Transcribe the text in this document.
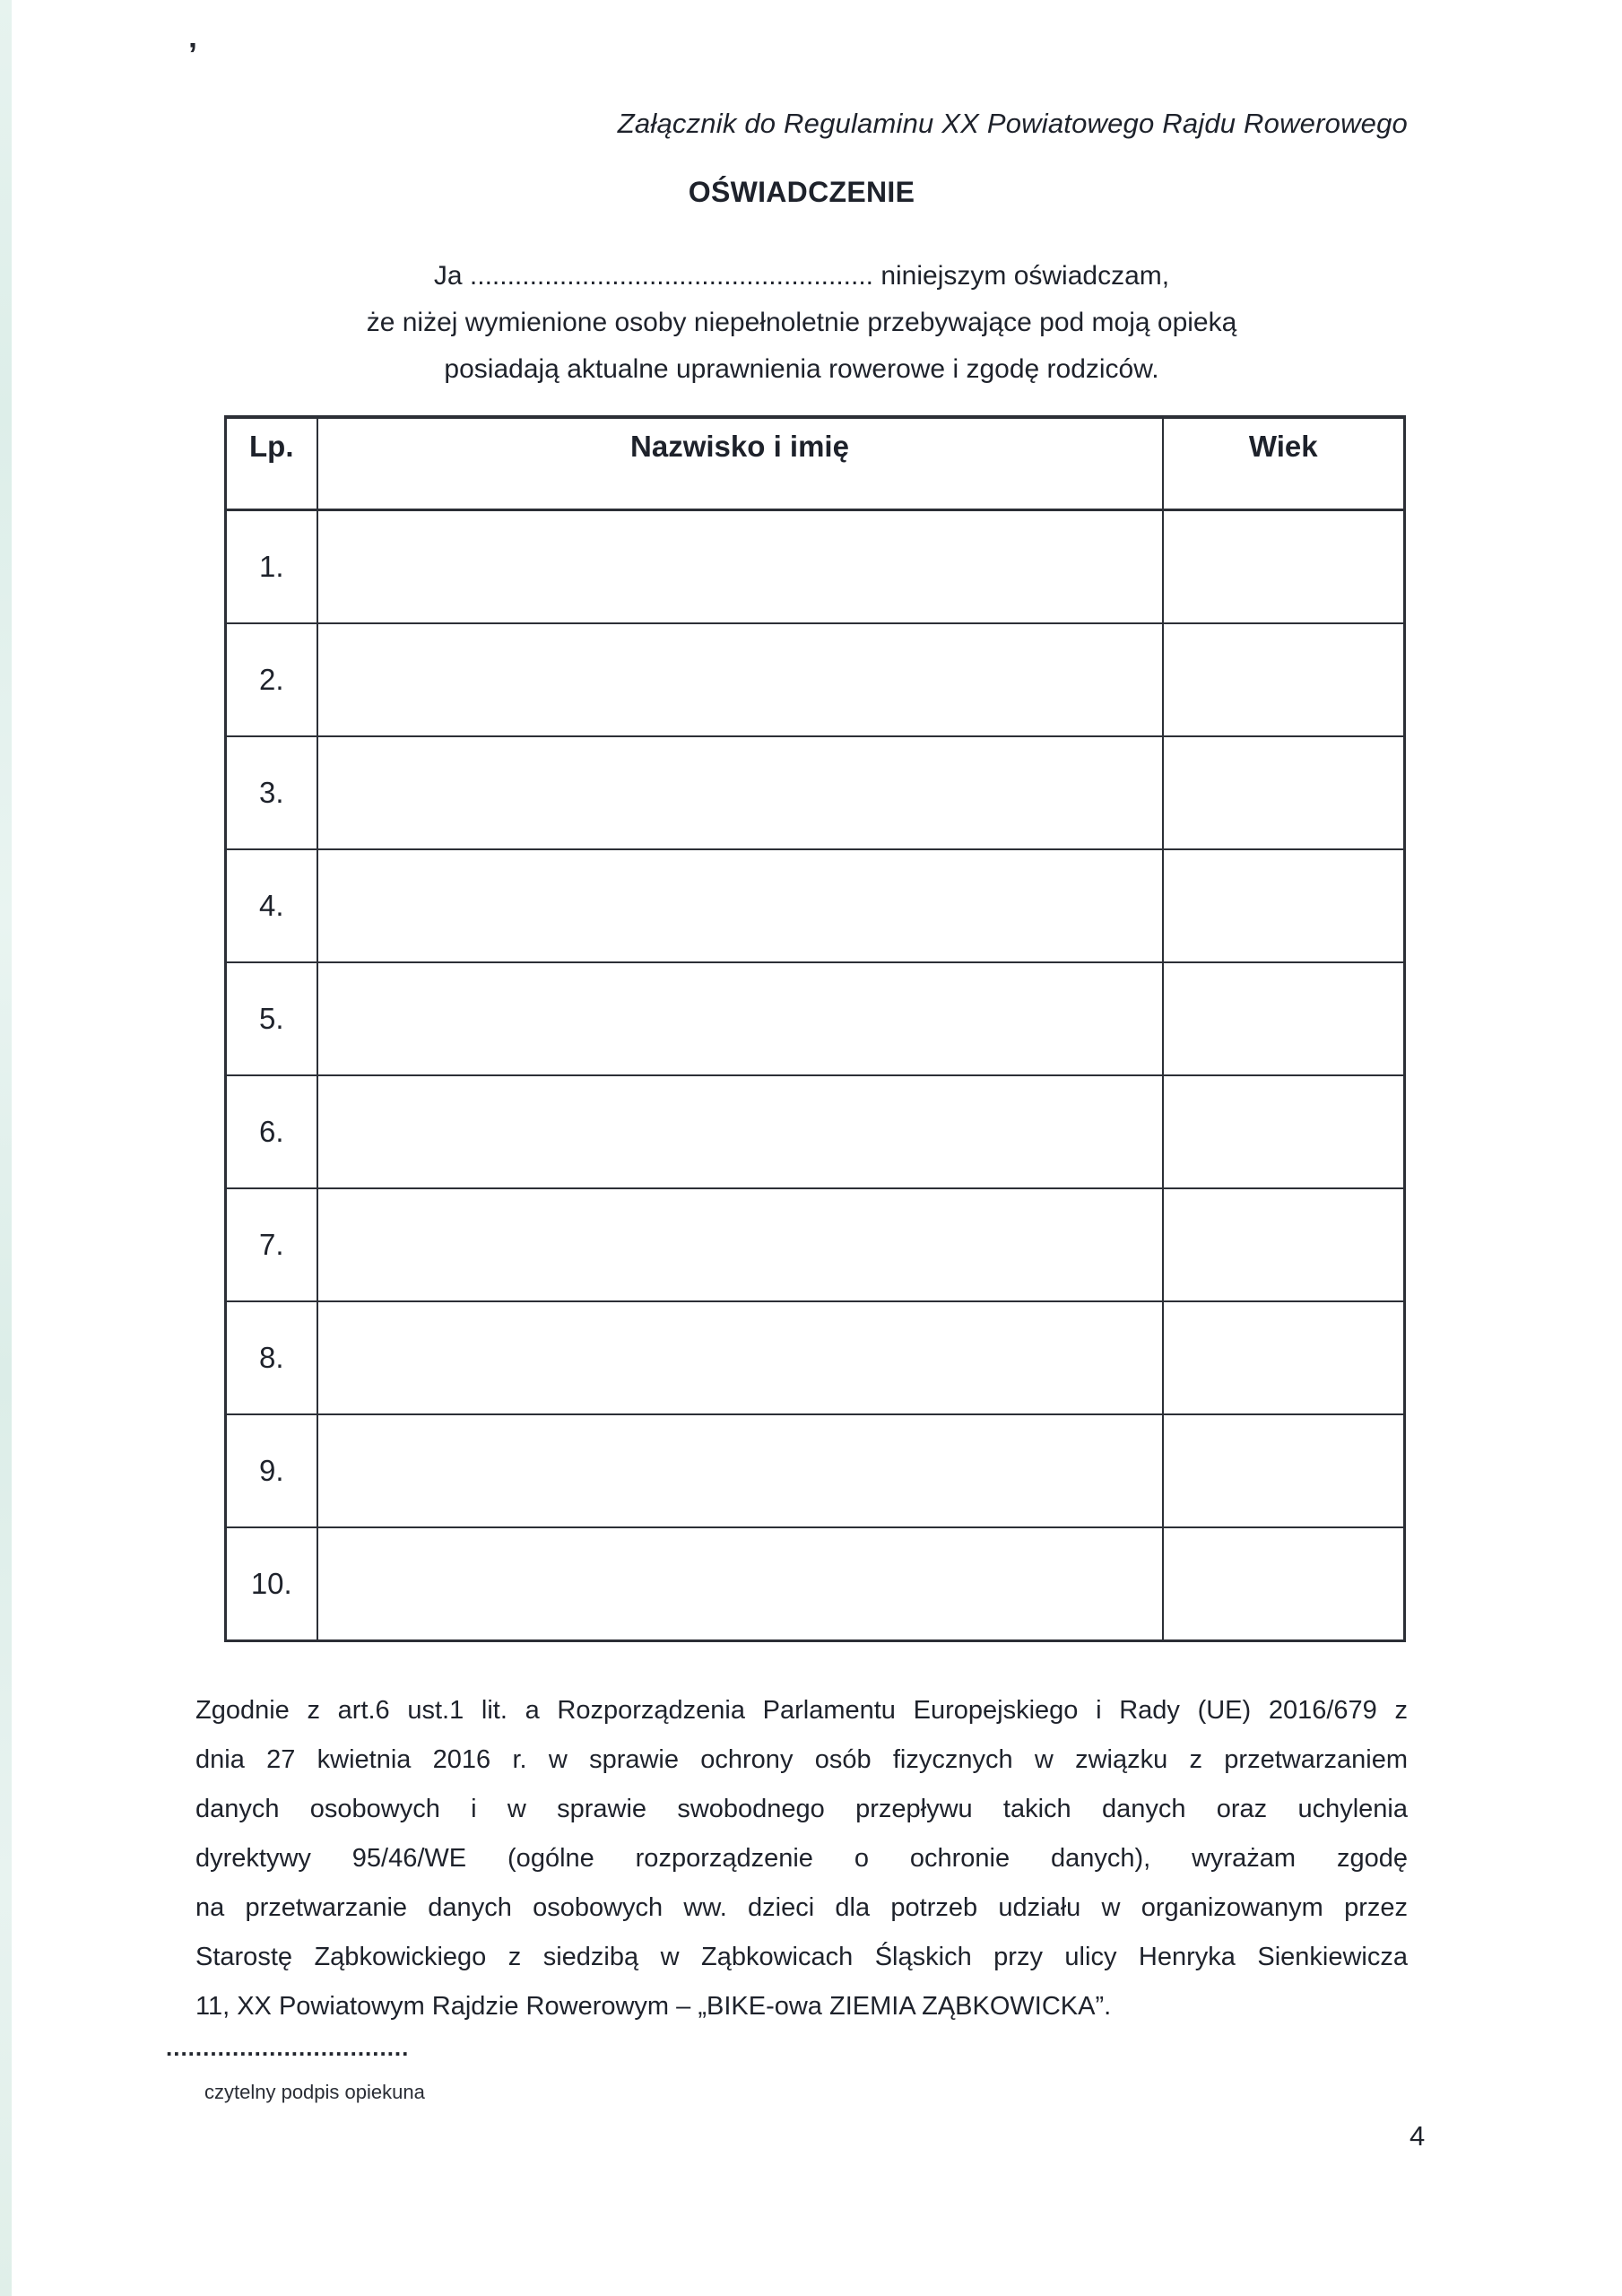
’
Załącznik do Regulaminu XX Powiatowego Rajdu Rowerowego
OŚWIADCZENIE
Ja ...................................................... niniejszym oświadczam,
że niżej wymienione osoby niepełnoletnie przebywające pod moją opieką
posiadają aktualne uprawnienia rowerowe i zgodę rodziców.
Lp.	Nazwisko i imię	Wiek
1.		
2.		
3.		
4.		
5.		
6.		
7.		
8.		
9.		
10.		
Zgodnie z art.6 ust.1 lit. a Rozporządzenia Parlamentu Europejskiego i Rady (UE) 2016/679 z
dnia 27 kwietnia 2016 r. w sprawie ochrony osób fizycznych w związku z przetwarzaniem
danych osobowych i w sprawie swobodnego przepływu takich danych oraz uchylenia
dyrektywy 95/46/WE (ogólne rozporządzenie o ochronie danych), wyrażam zgodę
na przetwarzanie danych osobowych ww. dzieci dla potrzeb udziału w organizowanym przez
Starostę Ząbkowickiego z siedzibą w Ząbkowicach Śląskich przy ulicy Henryka Sienkiewicza
11, XX Powiatowym Rajdzie Rowerowym – „BIKE-owa ZIEMIA ZĄBKOWICKA”.
.................................
czytelny podpis opiekuna
4
